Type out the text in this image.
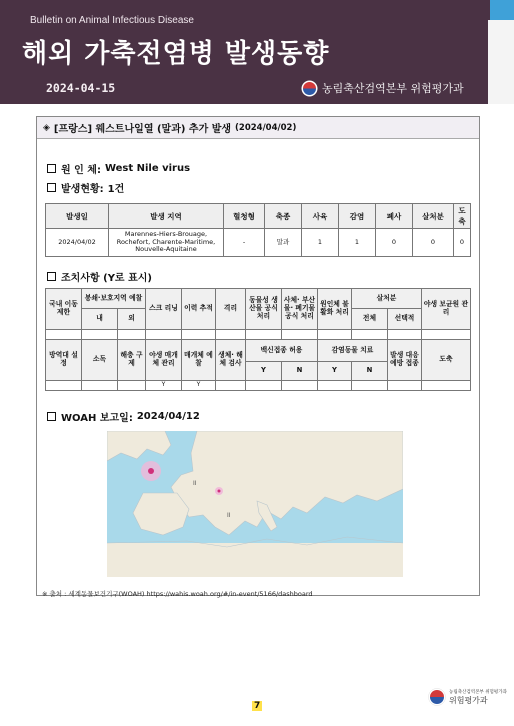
Bulletin on Animal Infectious Disease
해외 가축전염병 발생동향
2024-04-15	농림축산검역본부 위험평가과
◈ [프랑스] 웨스트나일열 (말과) 추가 발생 (2024/04/02)
원 인 체: West Nile virus
발생현황: 1건
발생일	발생 지역	혈청형	축종	사육	감염	폐사	살처분	도축
2024/04/02	Marennes-Hiers-Brouage, Rochefort, Charente-Maritime, Nouvelle-Aquitaine	-	말과	1	1	0	0	0
조치사항 (Y로 표시)
국내 이동 제한	봉쇄·보호지역 예찰		스크 리닝	이력 추적	격리	동물성 생산물 공식 처리	사체· 부산물· 폐기물 공식 처리	원인체 불활화 처리	살처분		야생 보균원 관리
	내	외							전체	선택적	

방역대 설정	소독	해충 구제	야생 매개체 관리	매개체 예찰	생체· 해체 검사	백신접종 허용		감염동물 치료		발생 대응 예방 접종	도축
						Y	N	Y	N		
			Y	Y							
WOAH 보고일: 2024/04/12
II
II
※ 출처 : 세계동물보건기구(WOAH) https://wahis.woah.org/#/in-event/5166/dashboard
7
농림축산검역본부 위험평가과
위험평가과
